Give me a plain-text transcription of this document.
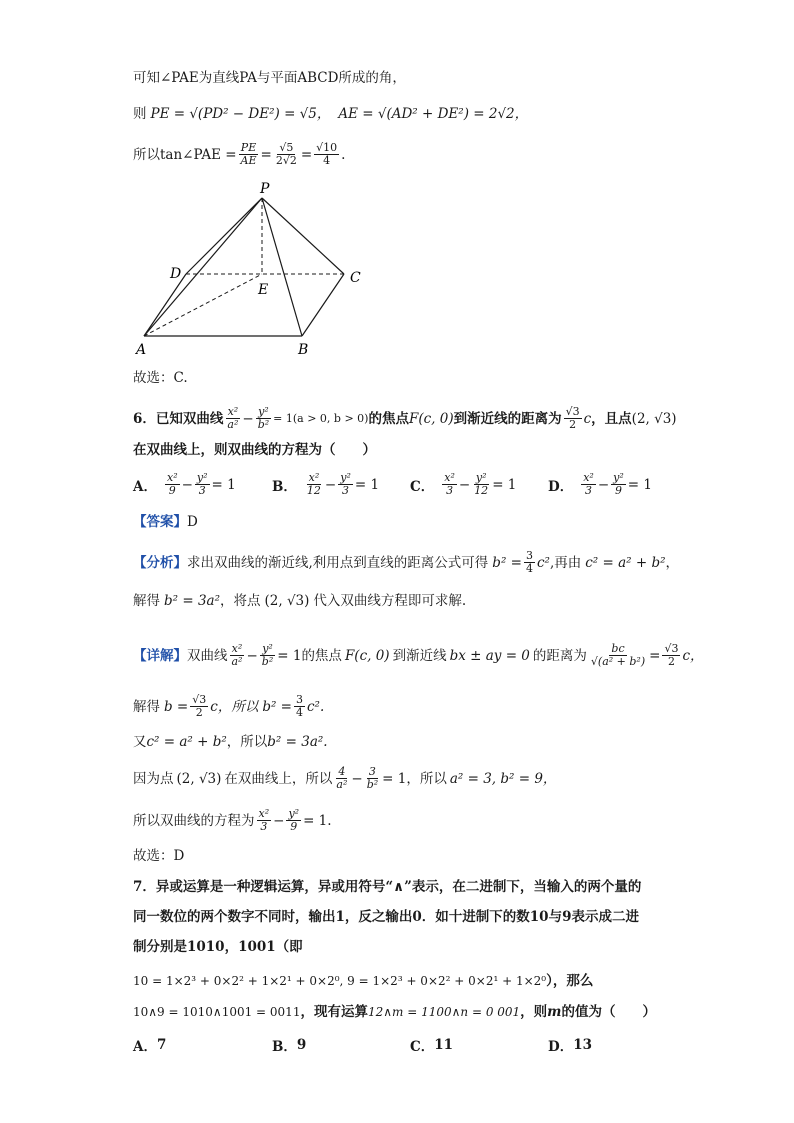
可知∠PAE为直线PA与平面ABCD所成的角，
则 PE = √(PD² − DE²) = √5， AE = √(AD² + DE²) = 2√2，
所以tan∠PAE = $\frac{PE}{AE} = \frac{√5}{2√2} = \frac{√10}{4}$ .
P
D
E
C
A	B
故选：C.
6． 已知双曲线 $\frac{\text{x²}}{\text{a²}} - \frac{\text{y²}}{\text{b²}} = 1(a > 0$, b > 0) 的焦点 F(c, 0) 到渐近线的距离为 $\frac{√3}{2}$ c ，且点 (2, √3)
在双曲线上，则双曲线的方程为（　　）
A． $\frac{\text{x²}}{9} - \frac{\text{y²}}{3} = 1$	B． $\frac{\text{x²}}{12} - \frac{\text{y²}}{3} = 1$ C． $\frac{\text{x²}}{3} - \frac{\text{y²}}{12} = 1$ D． $\frac{\text{x²}}{3} - \frac{\text{y²}}{9} = 1$
【答案】 D
【分析】 求出双曲线的渐近线,利用点到直线的距离公式可得 $b^2 = \frac{3}{4} c^2$ ,再由 c² = a² + b² ，
解得 b² = 3a² ，将点 (2, √3) 代入双曲线方程即可求解.
【详解】 双曲线 $\frac{\text{x²}}{\text{a²}} - \frac{\text{y²}}{\text{b²}} = 1$ 的焦点 F(c, 0) 到渐近线 bx ± ay = 0 的距离为 $\frac{bc}{\text{√(a² + b²)}} = \frac{√3}{2}$ c，
解得 $b = \frac{√3}{2}$ c，所以 $b^2 = \frac{3}{4} c^2$.
又 c² = a² + b² ，所以 b² = 3a².
因为点 (2, √3) 在双曲线上，所以 $\frac{4}{\text{a²}} - \frac{3}{\text{b²}} = 1$，所以 a² = 3, b² = 9，
所以双曲线的方程为 $\frac{\text{x²}}{3} - \frac{\text{y²}}{9} = 1$.
故选：D
7．异或运算是一种逻辑运算，异或用符号“∧”表示，在二进制下，当输入的两个量的
同一数位的两个数字不同时，输出1，反之输出0．如十进制下的数10与9表示成二进
制分别是1010，1001（即
10 = 1×2³ + 0×2² + 1×2¹ + 0×2⁰, 9 = 1×2³ + 0×2² + 0×2¹ + 1×2⁰ ），那么
10∧9 = 1010∧1001 = 0011 ，现有运算 12∧m = 1100∧n = 0 001 ，则 m 的值为（　　）
A． 7	B． 9	C． 11	D． 13
